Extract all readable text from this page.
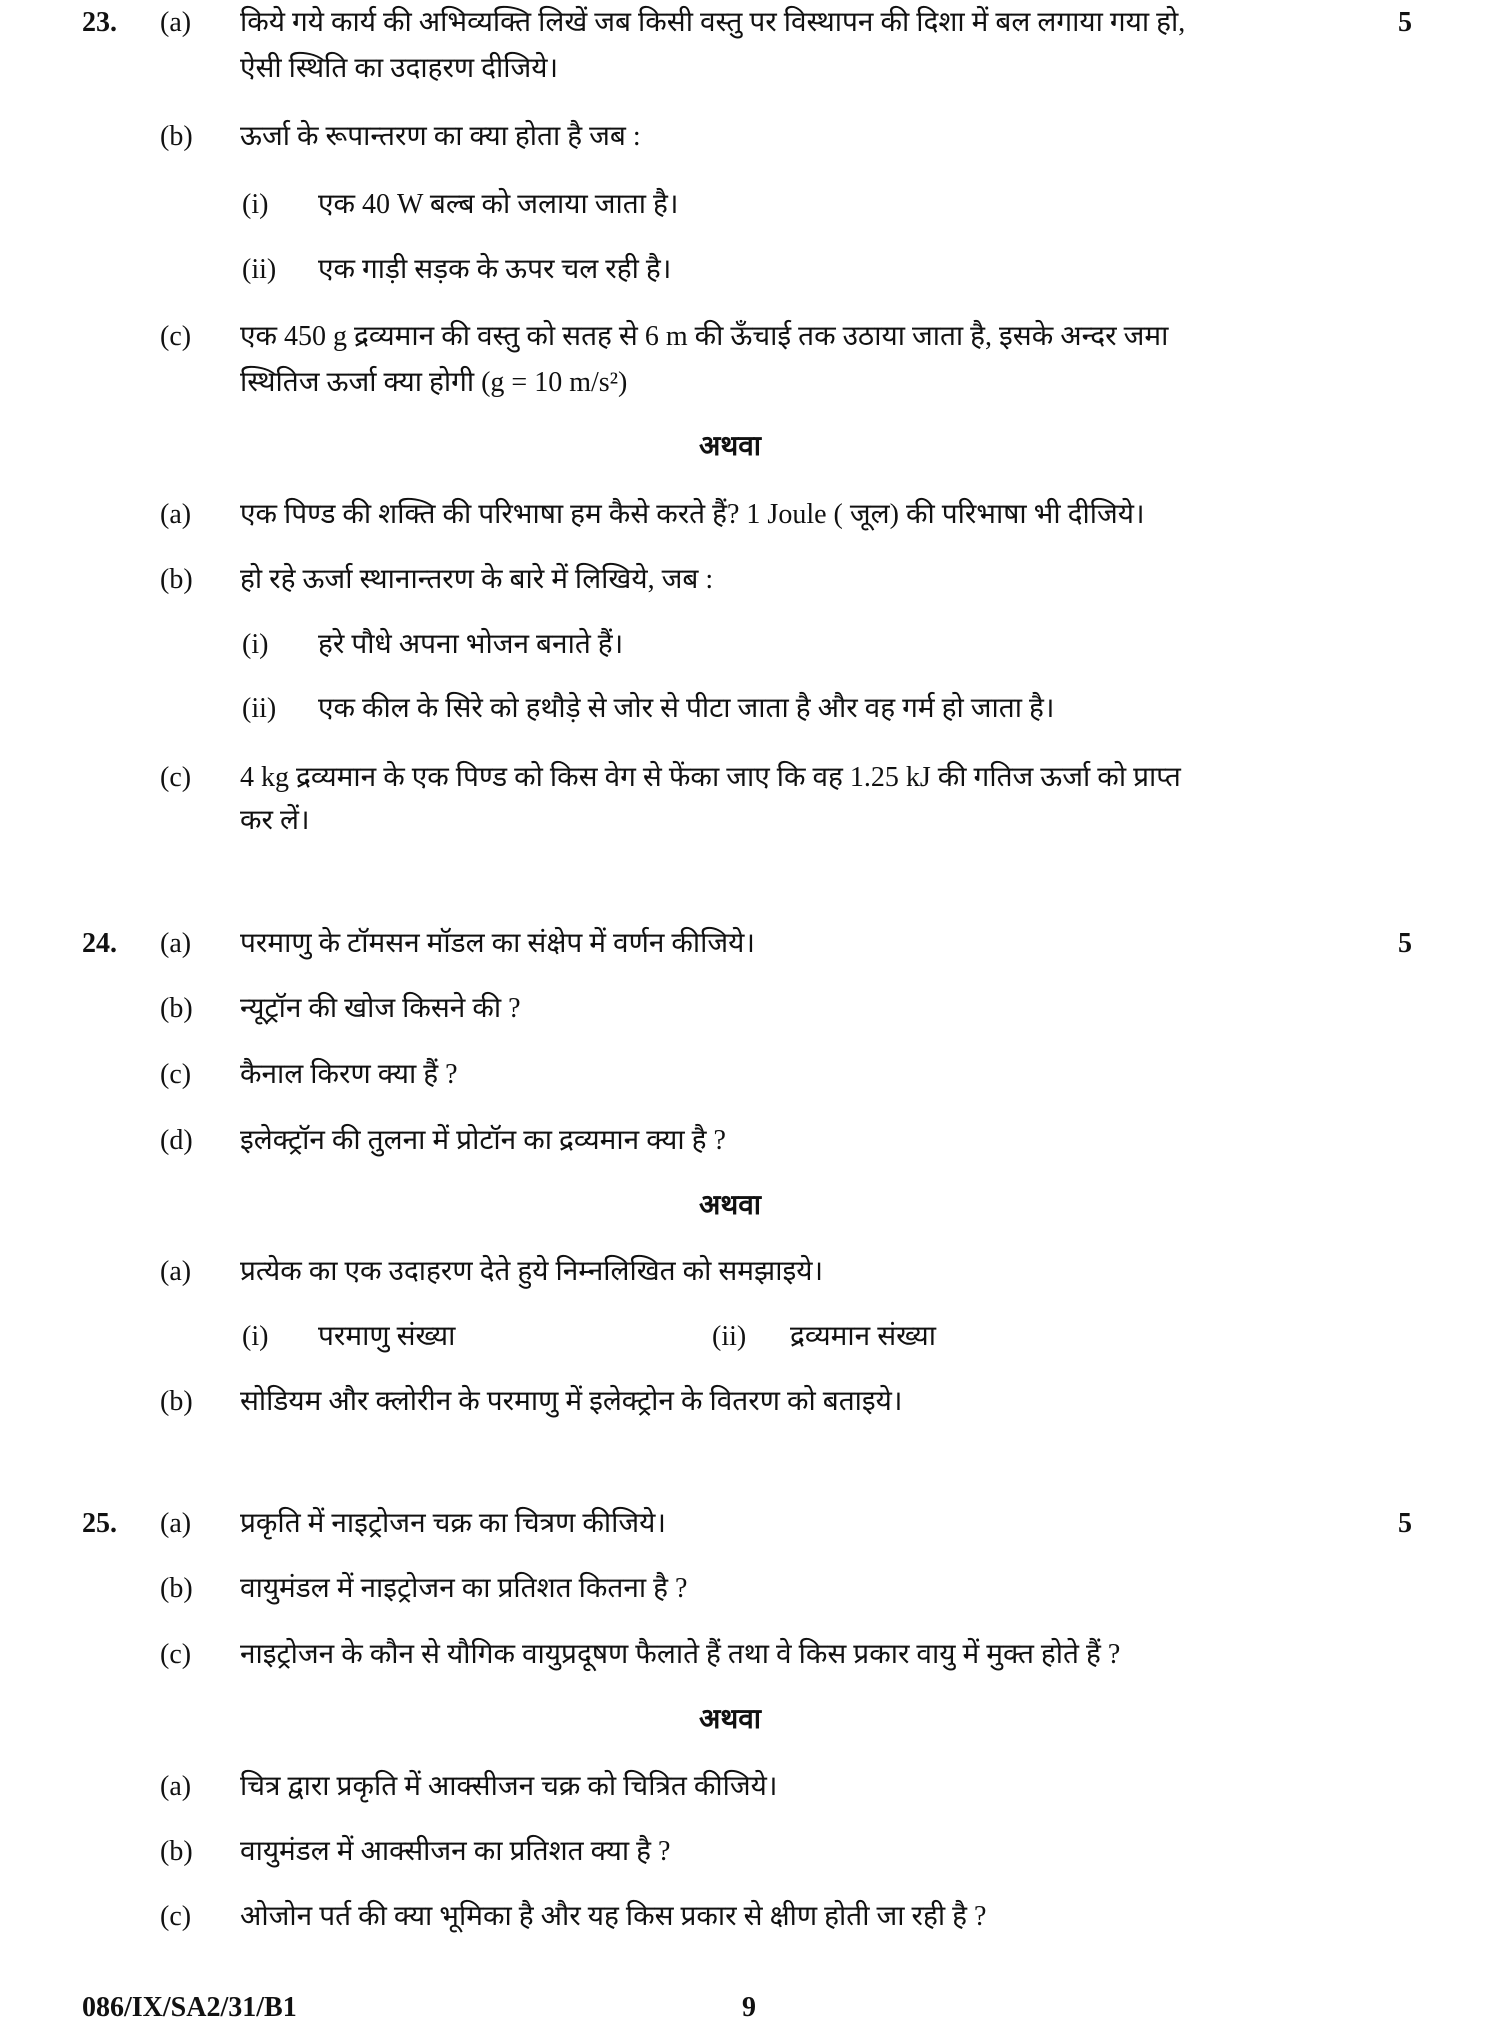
23.	5
(a) किये गये कार्य की अभिव्यक्ति लिखें जब किसी वस्तु पर विस्थापन की दिशा में बल लगाया गया हो,
ऐसी स्थिति का उदाहरण दीजिये।
(b) ऊर्जा के रूपान्तरण का क्या होता है जब :
(i) एक 40 W बल्ब को जलाया जाता है।
(ii) एक गाड़ी सड़क के ऊपर चल रही है।
(c) एक 450 g द्रव्यमान की वस्तु को सतह से 6 m की ऊँचाई तक उठाया जाता है, इसके अन्दर जमा
स्थितिज ऊर्जा क्या होगी (g = 10 m/s²)
अथवा
(a) एक पिण्ड की शक्ति की परिभाषा हम कैसे करते हैं? 1 Joule ( जूल) की परिभाषा भी दीजिये।
(b) हो रहे ऊर्जा स्थानान्तरण के बारे में लिखिये, जब :
(i) हरे पौधे अपना भोजन बनाते हैं।
(ii) एक कील के सिरे को हथौड़े से जोर से पीटा जाता है और वह गर्म हो जाता है।
(c) 4 kg द्रव्यमान के एक पिण्ड को किस वेग से फेंका जाए कि वह 1.25 kJ की गतिज ऊर्जा को प्राप्त
कर लें।
24.	5
(a) परमाणु के टॉमसन मॉडल का संक्षेप में वर्णन कीजिये।
(b) न्यूट्रॉन की खोज किसने की ?
(c) कैनाल किरण क्या हैं ?
(d) इलेक्ट्रॉन की तुलना में प्रोटॉन का द्रव्यमान क्या है ?
अथवा
(a) प्रत्येक का एक उदाहरण देते हुये निम्नलिखित को समझाइये।
(i) परमाणु संख्या	(ii) द्रव्यमान संख्या
(b) सोडियम और क्लोरीन के परमाणु में इलेक्ट्रोन के वितरण को बताइये।
25.	5
(a) प्रकृति में नाइट्रोजन चक्र का चित्रण कीजिये।
(b) वायुमंडल में नाइट्रोजन का प्रतिशत कितना है ?
(c) नाइट्रोजन के कौन से यौगिक वायुप्रदूषण फैलाते हैं तथा वे किस प्रकार वायु में मुक्त होते हैं ?
अथवा
(a) चित्र द्वारा प्रकृति में आक्सीजन चक्र को चित्रित कीजिये।
(b) वायुमंडल में आक्सीजन का प्रतिशत क्या है ?
(c) ओजोन पर्त की क्या भूमिका है और यह किस प्रकार से क्षीण होती जा रही है ?
086/IX/SA2/31/B1	9
